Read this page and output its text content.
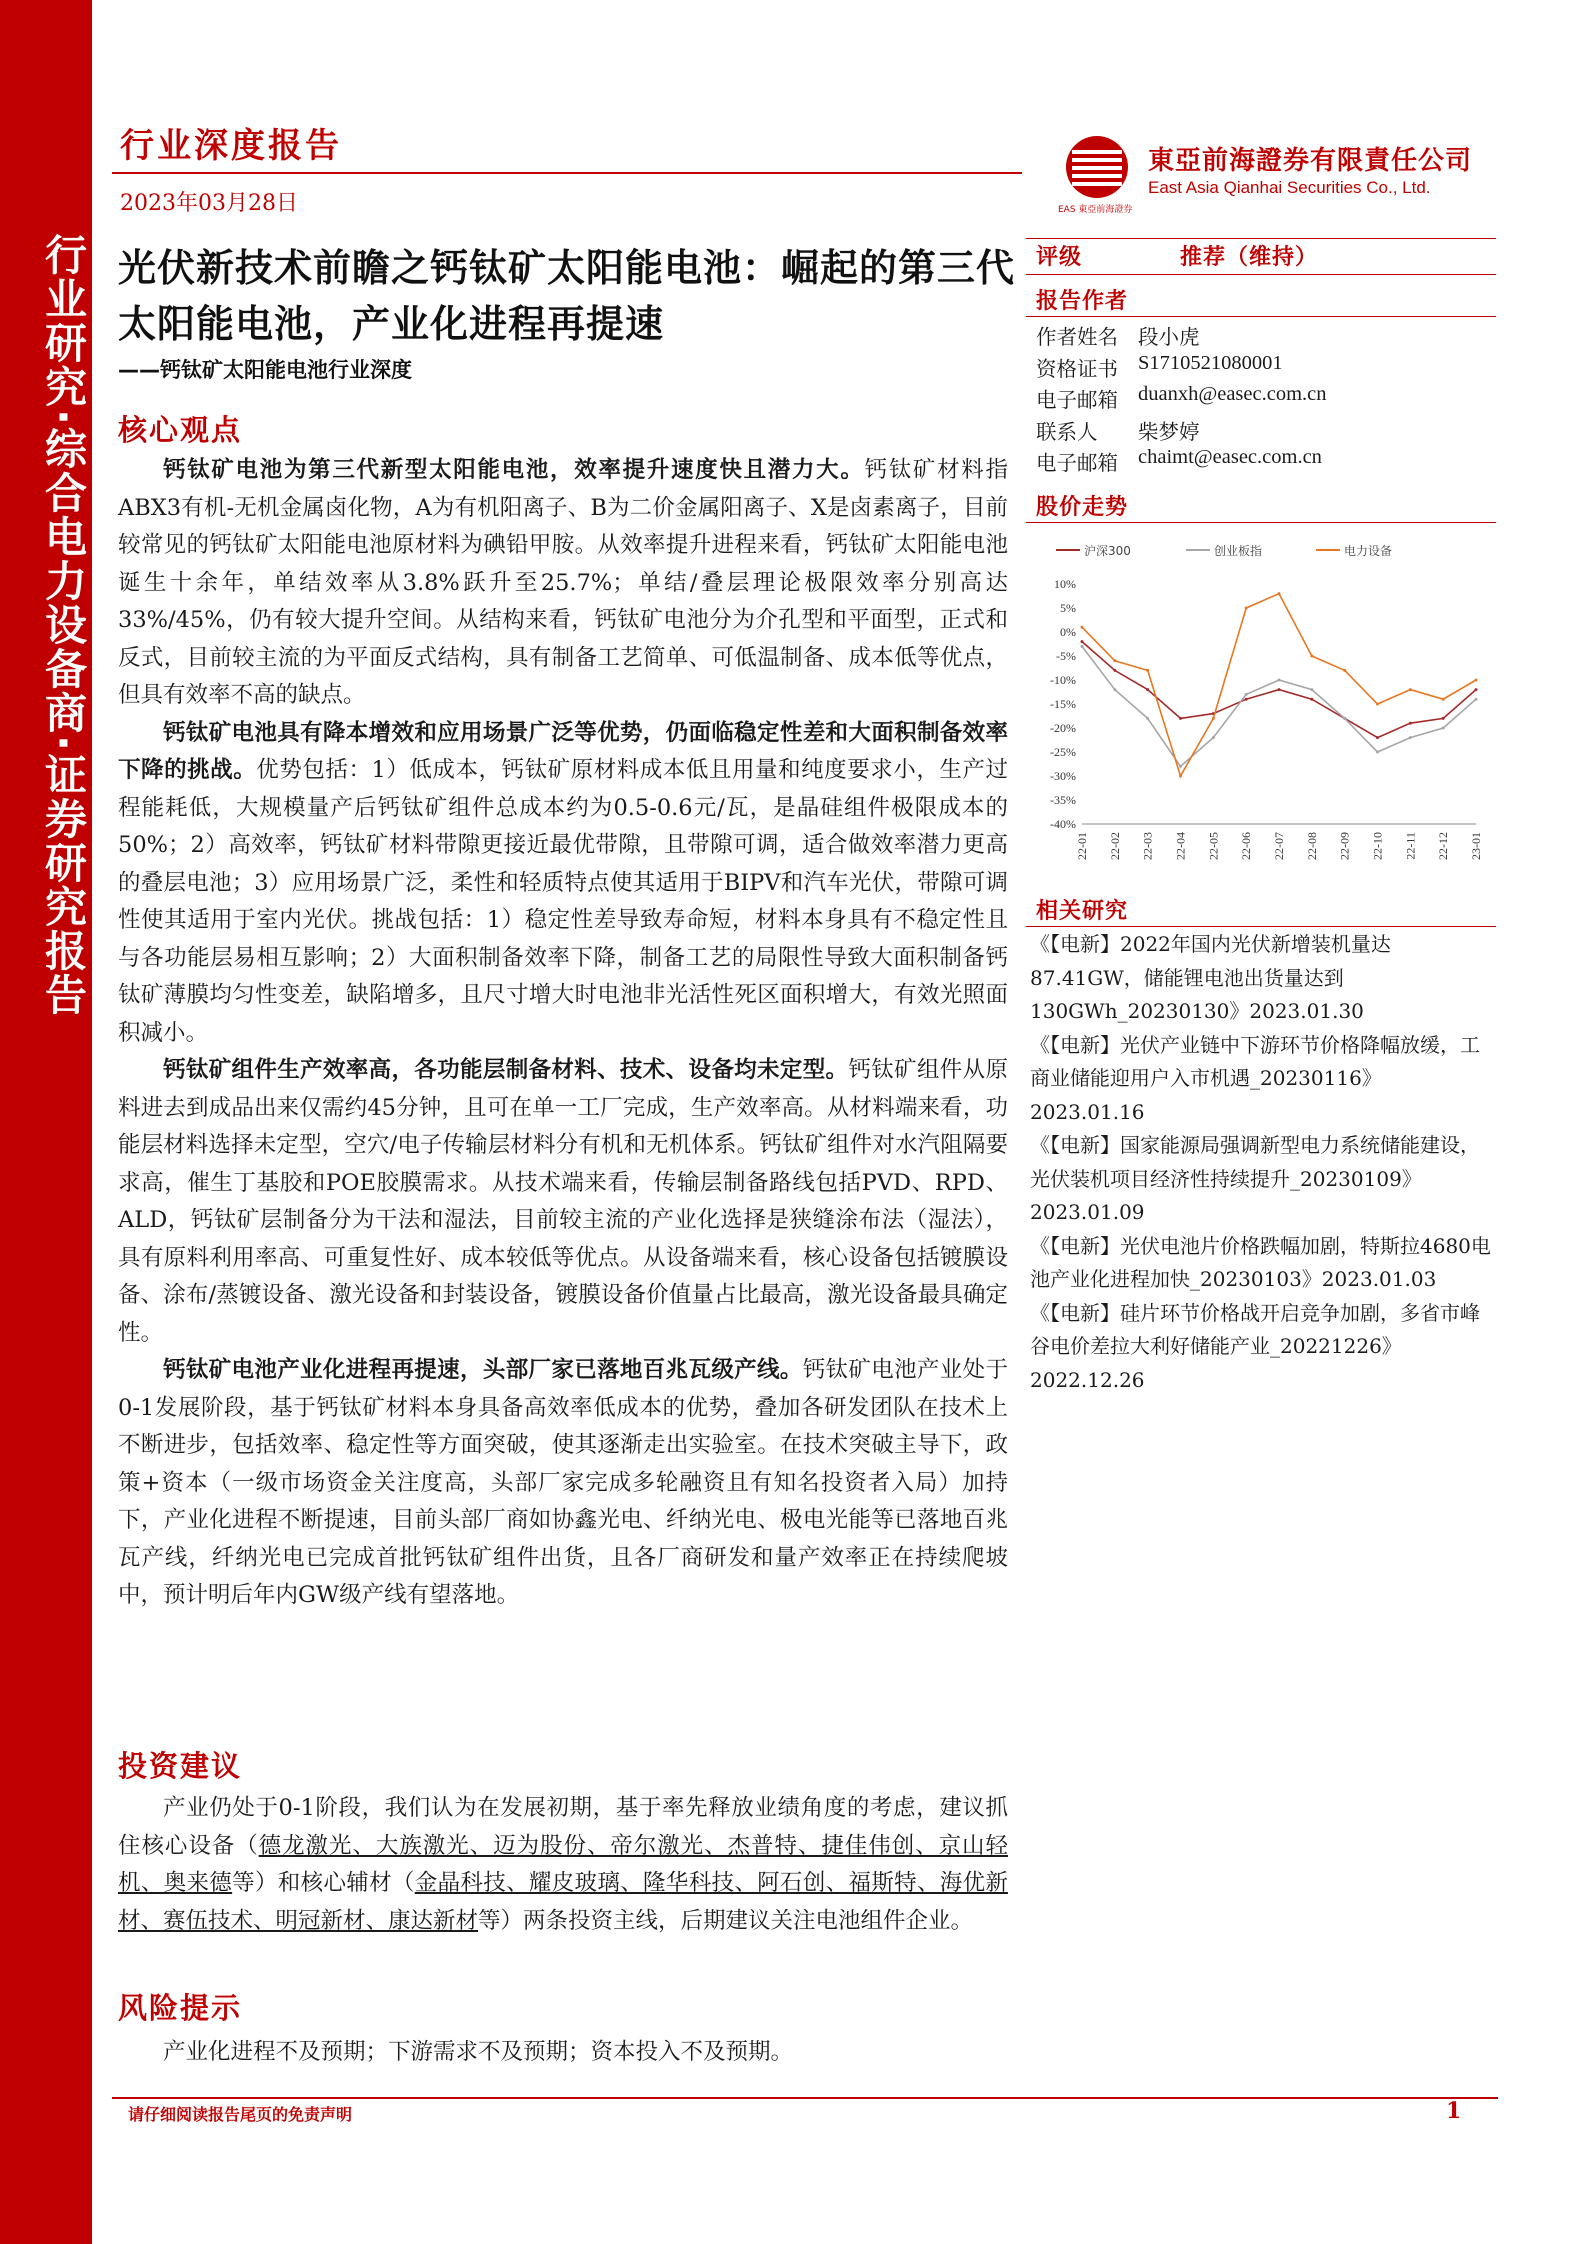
行业研究·综合电力设备商·证券研究报告
行业深度报告
2023年03月28日	EAS 東亞前海證券
東亞前海證券有限責任公司
East Asia Qianhai Securities Co., Ltd.
光伏新技术前瞻之钙钛矿太阳能电池：崛起的第三代太阳能电池，产业化进程再提速
——钙钛矿太阳能电池行业深度
核心观点

钙钛矿电池为第三代新型太阳能电池，效率提升速度快且潜力大。钙钛矿材料指ABX3有机-无机金属卤化物，A为有机阳离子、B为二价金属阳离子、X是卤素离子，目前较常见的钙钛矿太阳能电池原材料为碘铅甲胺。从效率提升进程来看，钙钛矿太阳能电池诞生十余年，单结效率从3.8%跃升至25.7%；单结/叠层理论极限效率分别高达33%/45%，仍有较大提升空间。从结构来看，钙钛矿电池分为介孔型和平面型，正式和反式，目前较主流的为平面反式结构，具有制备工艺简单、可低温制备、成本低等优点，但具有效率不高的缺点。

钙钛矿电池具有降本增效和应用场景广泛等优势，仍面临稳定性差和大面积制备效率下降的挑战。优势包括：1）低成本，钙钛矿原材料成本低且用量和纯度要求小，生产过程能耗低，大规模量产后钙钛矿组件总成本约为0.5-0.6元/瓦，是晶硅组件极限成本的50%；2）高效率，钙钛矿材料带隙更接近最优带隙，且带隙可调，适合做效率潜力更高的叠层电池；3）应用场景广泛，柔性和轻质特点使其适用于BIPV和汽车光伏，带隙可调性使其适用于室内光伏。挑战包括：1）稳定性差导致寿命短，材料本身具有不稳定性且与各功能层易相互影响；2）大面积制备效率下降，制备工艺的局限性导致大面积制备钙钛矿薄膜均匀性变差，缺陷增多，且尺寸增大时电池非光活性死区面积增大，有效光照面积减小。

钙钛矿组件生产效率高，各功能层制备材料、技术、设备均未定型。钙钛矿组件从原料进去到成品出来仅需约45分钟，且可在单一工厂完成，生产效率高。从材料端来看，功能层材料选择未定型，空穴/电子传输层材料分有机和无机体系。钙钛矿组件对水汽阻隔要求高，催生丁基胶和POE胶膜需求。从技术端来看，传输层制备路线包括PVD、RPD、ALD，钙钛矿层制备分为干法和湿法，目前较主流的产业化选择是狭缝涂布法（湿法），具有原料利用率高、可重复性好、成本较低等优点。从设备端来看，核心设备包括镀膜设备、涂布/蒸镀设备、激光设备和封装设备，镀膜设备价值量占比最高，激光设备最具确定性。

钙钛矿电池产业化进程再提速，头部厂家已落地百兆瓦级产线。钙钛矿电池产业处于0-1发展阶段，基于钙钛矿材料本身具备高效率低成本的优势，叠加各研发团队在技术上不断进步，包括效率、稳定性等方面突破，使其逐渐走出实验室。在技术突破主导下，政策+资本（一级市场资金关注度高，头部厂家完成多轮融资且有知名投资者入局）加持下，产业化进程不断提速，目前头部厂商如协鑫光电、纤纳光电、极电光能等已落地百兆瓦产线，纤纳光电已完成首批钙钛矿组件出货，且各厂商研发和量产效率正在持续爬坡中，预计明后年内GW级产线有望落地。

投资建议

产业仍处于0-1阶段，我们认为在发展初期，基于率先释放业绩角度的考虑，建议抓住核心设备（德龙激光、大族激光、迈为股份、帝尔激光、杰普特、捷佳伟创、京山轻机、奥来德等）和核心辅材（金晶科技、耀皮玻璃、隆华科技、阿石创、福斯特、海优新材、赛伍技术、明冠新材、康达新材等）两条投资主线，后期建议关注电池组件企业。

风险提示

产业化进程不及预期；下游需求不及预期；资本投入不及预期。

评级	推荐（维持）
报告作者
作者姓名 段小虎
资格证书 S1710521080001
电子邮箱 duanxh@easec.com.cn
联系人	柴梦婷
电子邮箱 chaimt@easec.com.cn
股价走势
沪深300	创业板指	电力设备
10%
5%
0%
-5%
-10%
-15%
-20%
-25%
-30%
-35%
-40%
22-01 22-02 22-03 22-04 22-05 22-06 22-07 22-08 22-09 22-10 22-11 22-12 23-01
相关研究
《【电新】2022年国内光伏新增装机量达87.41GW，储能锂电池出货量达到130GWh_20230130》2023.01.30
《【电新】光伏产业链中下游环节价格降幅放缓，工商业储能迎用户入市机遇_20230116》2023.01.16
《【电新】国家能源局强调新型电力系统储能建设，光伏装机项目经济性持续提升_20230109》2023.01.09
《【电新】光伏电池片价格跌幅加剧，特斯拉4680电池产业化进程加快_20230103》2023.01.03
《【电新】硅片环节价格战开启竞争加剧，多省市峰谷电价差拉大利好储能产业_20221226》2022.12.26
请仔细阅读报告尾页的免责声明	1
